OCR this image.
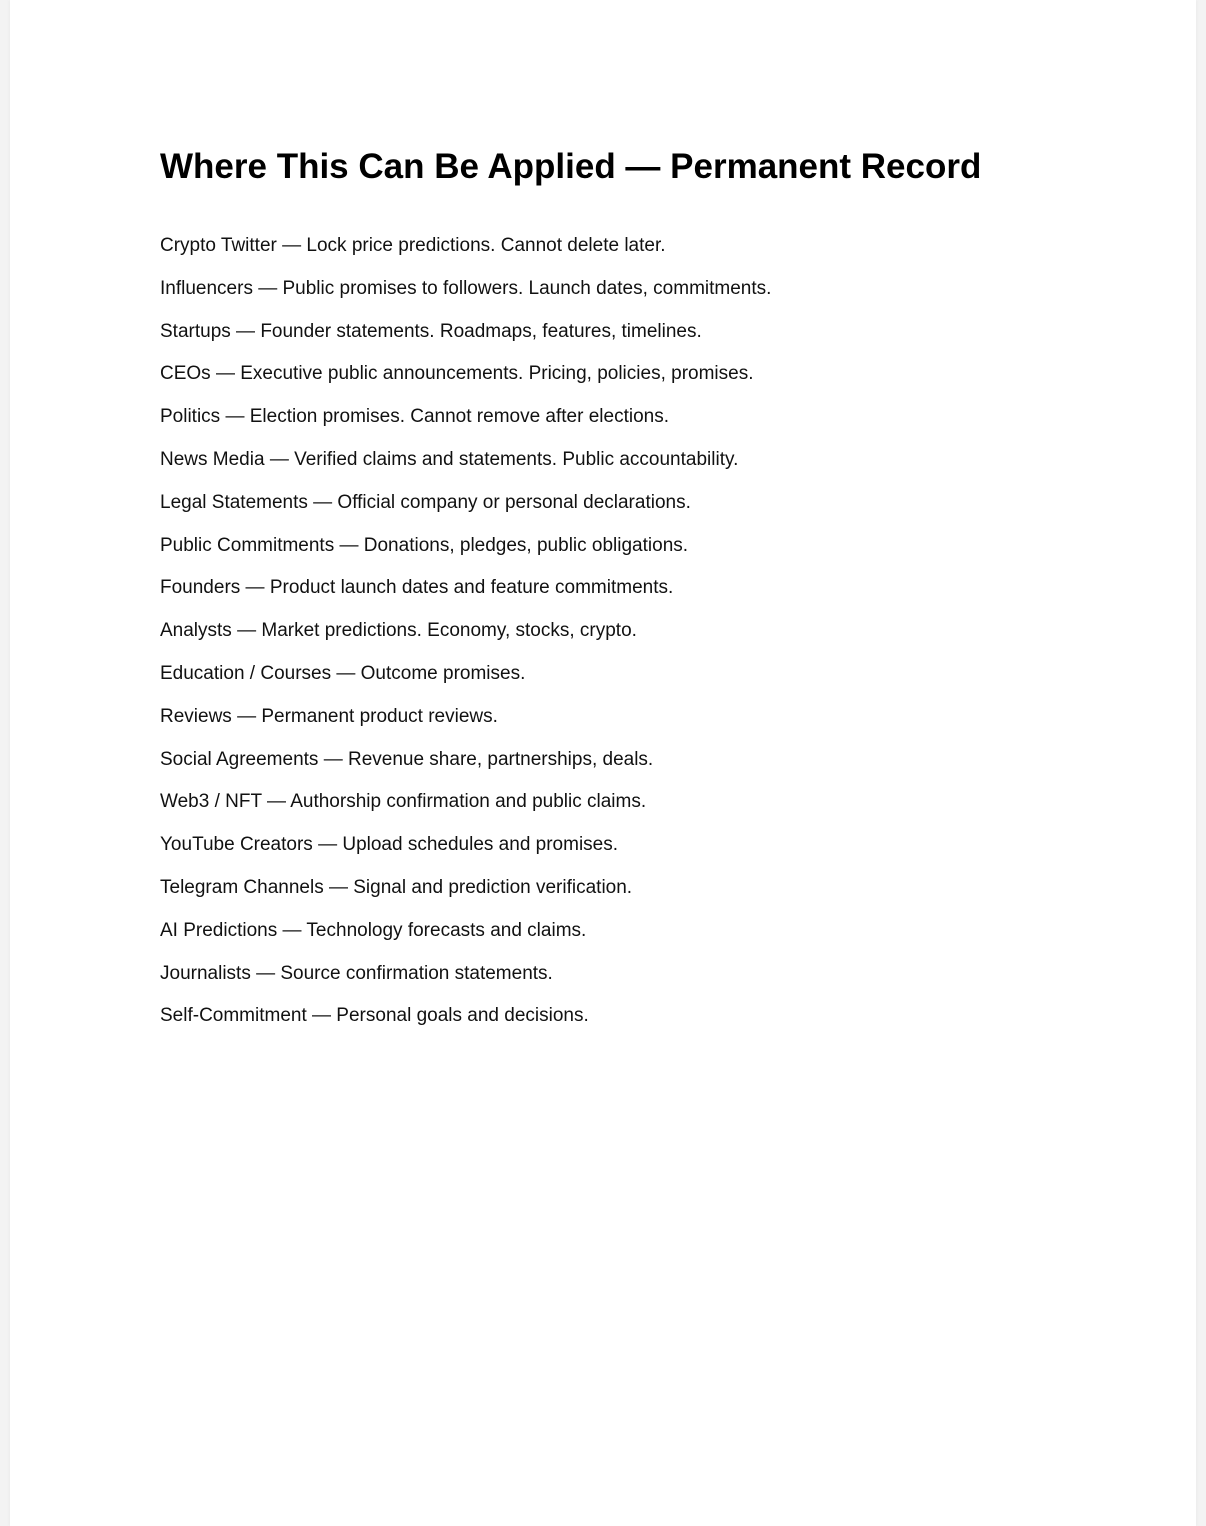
Where This Can Be Applied — Permanent Record
Crypto Twitter — Lock price predictions. Cannot delete later.
Influencers — Public promises to followers. Launch dates, commitments.
Startups — Founder statements. Roadmaps, features, timelines.
CEOs — Executive public announcements. Pricing, policies, promises.
Politics — Election promises. Cannot remove after elections.
News Media — Verified claims and statements. Public accountability.
Legal Statements — Official company or personal declarations.
Public Commitments — Donations, pledges, public obligations.
Founders — Product launch dates and feature commitments.
Analysts — Market predictions. Economy, stocks, crypto.
Education / Courses — Outcome promises.
Reviews — Permanent product reviews.
Social Agreements — Revenue share, partnerships, deals.
Web3 / NFT — Authorship confirmation and public claims.
YouTube Creators — Upload schedules and promises.
Telegram Channels — Signal and prediction verification.
AI Predictions — Technology forecasts and claims.
Journalists — Source confirmation statements.
Self-Commitment — Personal goals and decisions.
